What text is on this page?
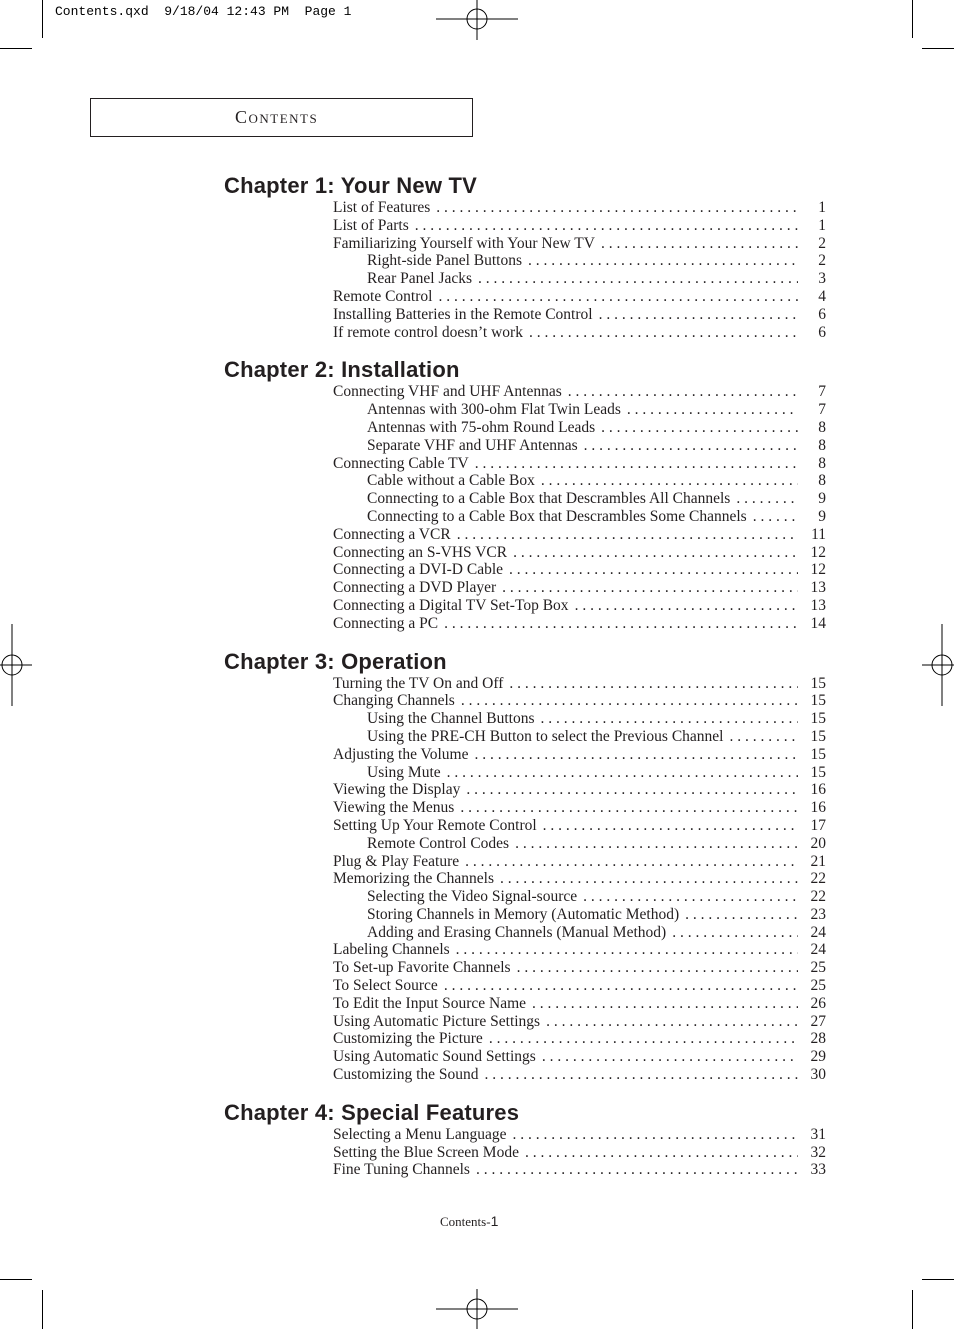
Contents.qxd  9/18/04 12:43 PM  Page 1
Contents
Chapter 1: Your New TV
List of Features . . .	1
List of Parts . . .	1
Familiarizing Yourself with Your New TV . . .	2
Right-side Panel Buttons . . .	2
Rear Panel Jacks . . .	3
Remote Control . . .	4
Installing Batteries in the Remote Control . . .	6
If remote control doesn’t work . . .	6
Chapter 2: Installation
Connecting VHF and UHF Antennas . . .	7
Antennas with 300-ohm Flat Twin Leads . . .	7
Antennas with 75-ohm Round Leads . . .	8
Separate VHF and UHF Antennas . . .	8
Connecting Cable TV . . .	8
Cable without a Cable Box . . .	8
Connecting to a Cable Box that Descrambles All Channels . . .	9
Connecting to a Cable Box that Descrambles Some Channels . . .	9
Connecting a VCR . . .	11
Connecting an S-VHS VCR . . .	12
Connecting a DVI-D Cable . . .	12
Connecting a DVD Player . . .	13
Connecting a Digital TV Set-Top Box . . .	13
Connecting a PC . . .	14
Chapter 3: Operation
Turning the TV On and Off . . .	15
Changing Channels . . .	15
Using the Channel Buttons . . .	15
Using the PRE-CH Button to select the Previous Channel . . .	15
Adjusting the Volume . . .	15
Using Mute . . .	15
Viewing the Display . . .	16
Viewing the Menus . . .	16
Setting Up Your Remote Control . . .	17
Remote Control Codes . . .	20
Plug & Play Feature . . .	21
Memorizing the Channels . . .	22
Selecting the Video Signal-source . . .	22
Storing Channels in Memory (Automatic Method) . . .	23
Adding and Erasing Channels (Manual Method) . . .	24
Labeling Channels . . .	24
To Set-up Favorite Channels . . .	25
To Select Source . . .	25
To Edit the Input Source Name . . .	26
Using Automatic Picture Settings . . .	27
Customizing the Picture . . .	28
Using Automatic Sound Settings . . .	29
Customizing the Sound . . .	30
Chapter 4: Special Features
Selecting a Menu Language . . .	31
Setting the Blue Screen Mode . . .	32
Fine Tuning Channels . . .	33
Contents-1
